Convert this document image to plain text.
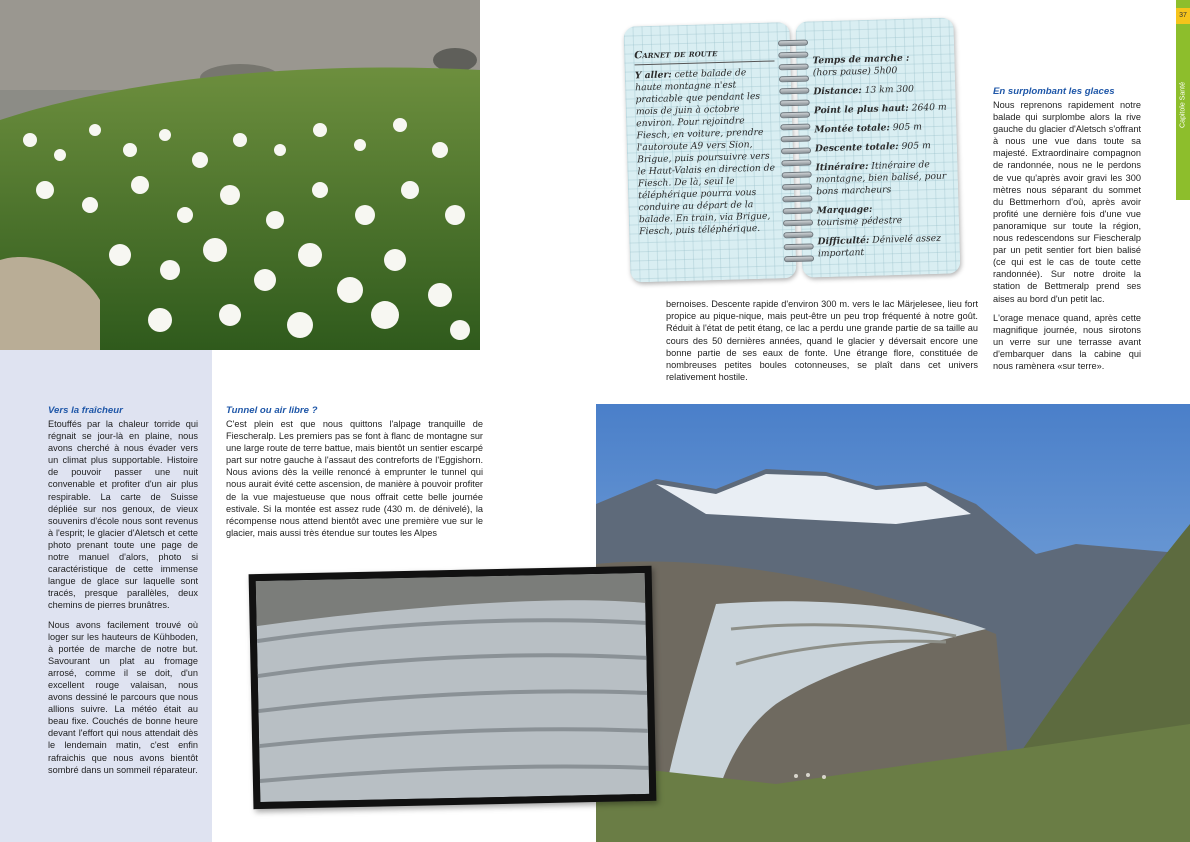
37
Capitole Santé
Carnet de route
Y aller: cette balade de haute montagne n'est praticable que pendant les mois de juin à octobre environ. Pour rejoindre Fiesch, en voiture, prendre l'autoroute A9 vers Sion, Brigue, puis poursuivre vers le Haut-Valais en direction de Fiesch. De là, seul le téléphérique pourra vous conduire au départ de la balade. En train, via Brigue, Fiesch, puis téléphérique.
Temps de marche :
(hors pause) 5h00
Distance: 13 km 300
Point le plus haut: 2640 m
Montée totale: 905 m
Descente totale: 905 m
Itinéraire: Itinéraire de montagne, bien balisé, pour bons marcheurs
Marquage:
tourisme pédestre
Difficulté: Dénivelé assez important

bernoises. Descente rapide d'environ 300 m. vers le lac Märjelesee, lieu fort propice au pique-nique, mais peut-être un peu trop fréquenté à notre goût. Réduit à l'état de petit étang, ce lac a perdu une grande partie de sa taille au cours des 50 dernières années, quand le glacier y déversait encore une bonne partie de ses eaux de fonte. Une étrange flore, constituée de nombreuses petites boules cotonneuses, se plaît dans cet univers relativement hostile.

En surplombant les glaces

Nous reprenons rapidement notre balade qui surplombe alors la rive gauche du glacier d'Aletsch s'offrant à nous une vue dans toute sa majesté. Extraordinaire compagnon de randonnée, nous ne le perdons de vue qu'après avoir gravi les 300 mètres nous séparant du sommet du Bettmerhorn d'où, après avoir profité une dernière fois d'une vue panoramique sur toute la région, nous redescendons sur Fiescheralp par un petit sentier fort bien balisé (ce qui est le cas de toute cette randonnée). Sur notre droite la station de Bettmeralp prend ses aises au bord d'un petit lac.

L'orage menace quand, après cette magnifique journée, nous sirotons un verre sur une terrasse avant d'embarquer dans la cabine qui nous ramènera «sur terre».

Vers la fraîcheur

Etouffés par la chaleur torride qui régnait se jour-là en plaine, nous avons cherché à nous évader vers un climat plus supportable. Histoire de pouvoir passer une nuit convenable et profiter d'un air plus respirable. La carte de Suisse dépliée sur nos genoux, de vieux souvenirs d'école nous sont revenus à l'esprit; le glacier d'Aletsch et cette photo prenant toute une page de notre manuel d'alors, photo si caractéristique de cette immense langue de glace sur laquelle sont tracés, presque parallèles, deux chemins de pierres brunâtres.

Nous avons facilement trouvé où loger sur les hauteurs de Kühboden, à portée de marche de notre but. Savourant un plat au fromage arrosé, comme il se doit, d'un excellent rouge valaisan, nous avons dessiné le parcours que nous allions suivre. La météo était au beau fixe. Couchés de bonne heure devant l'effort qui nous attendait dès le lendemain matin, c'est enfin rafraichis que nous avons bientôt sombré dans un sommeil réparateur.

Tunnel ou air libre ?

C'est plein est que nous quittons l'alpage tranquille de Fiescheralp. Les premiers pas se font à flanc de montagne sur une large route de terre battue, mais bientôt un sentier escarpé part sur notre gauche à l'assaut des contreforts de l'Eggishorn. Nous avions dès la veille renoncé à emprunter le tunnel qui nous aurait évité cette ascension, de manière à pouvoir profiter de la vue majestueuse que nous offrait cette belle journée estivale. Si la montée est assez rude (430 m. de dénivelé), la récompense nous attend bientôt avec une première vue sur le glacier, mais aussi très étendue sur toutes les Alpes
